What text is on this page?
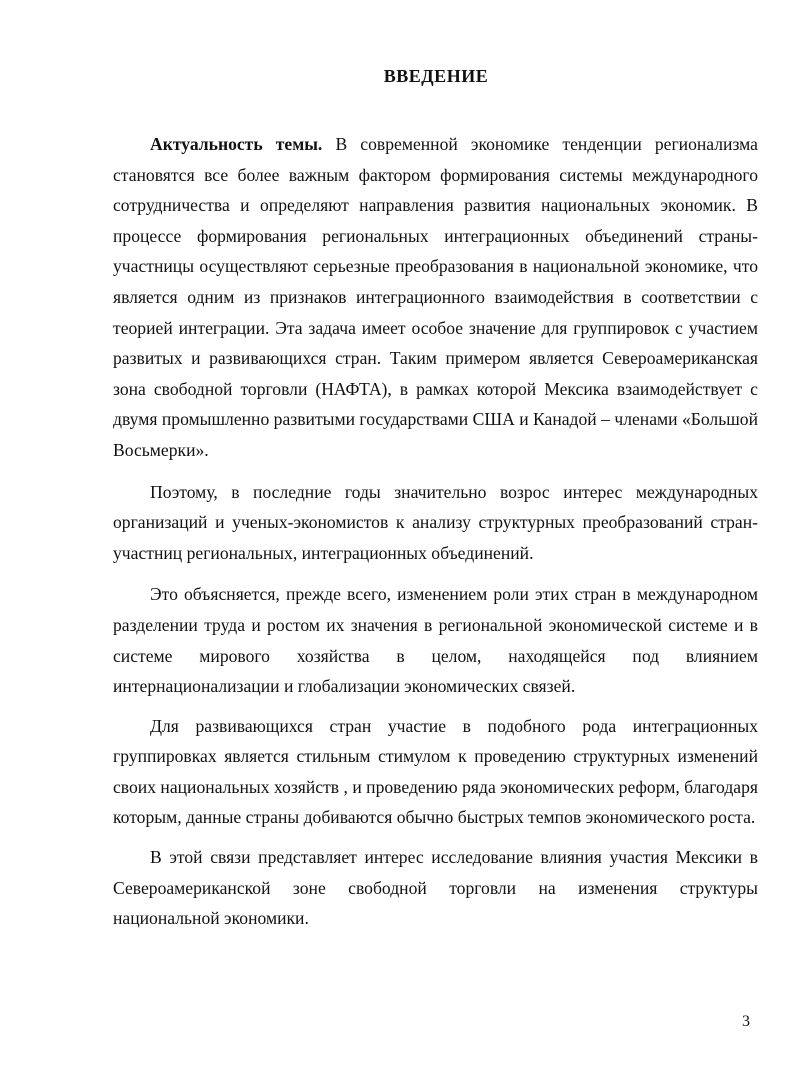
ВВЕДЕНИЕ

Актуальность темы. В современной экономике тенденции регионализма становятся все более важным фактором формирования системы международного сотрудничества и определяют направления развития национальных экономик. В процессе формирования региональных интеграционных объединений страны-участницы осуществляют серьезные преобразования в национальной экономике, что является одним из признаков интеграционного взаимодействия в соответствии с теорией интеграции. Эта задача имеет особое значение для группировок с участием развитых и развивающихся стран. Таким примером является Североамериканская зона свободной торговли (НАФТА), в рамках которой Мексика взаимодействует с двумя промышленно развитыми государствами США и Канадой – членами «Большой Восьмерки».

Поэтому, в последние годы значительно возрос интерес международных организаций и ученых-экономистов к анализу структурных преобразований стран-участниц региональных, интеграционных объединений.

Это объясняется, прежде всего, изменением роли этих стран в международном разделении труда и ростом их значения в региональной экономической системе и в системе мирового хозяйства в целом, находящейся под влиянием интернационализации и глобализации экономических связей.

Для развивающихся стран участие в подобного рода интеграционных группировках является стильным стимулом к проведению структурных изменений своих национальных хозяйств , и проведению ряда экономических реформ, благодаря которым, данные страны добиваются обычно быстрых темпов экономического роста.

В этой связи представляет интерес исследование влияния участия Мексики в Североамериканской зоне свободной торговли на изменения структуры национальной экономики.

3
